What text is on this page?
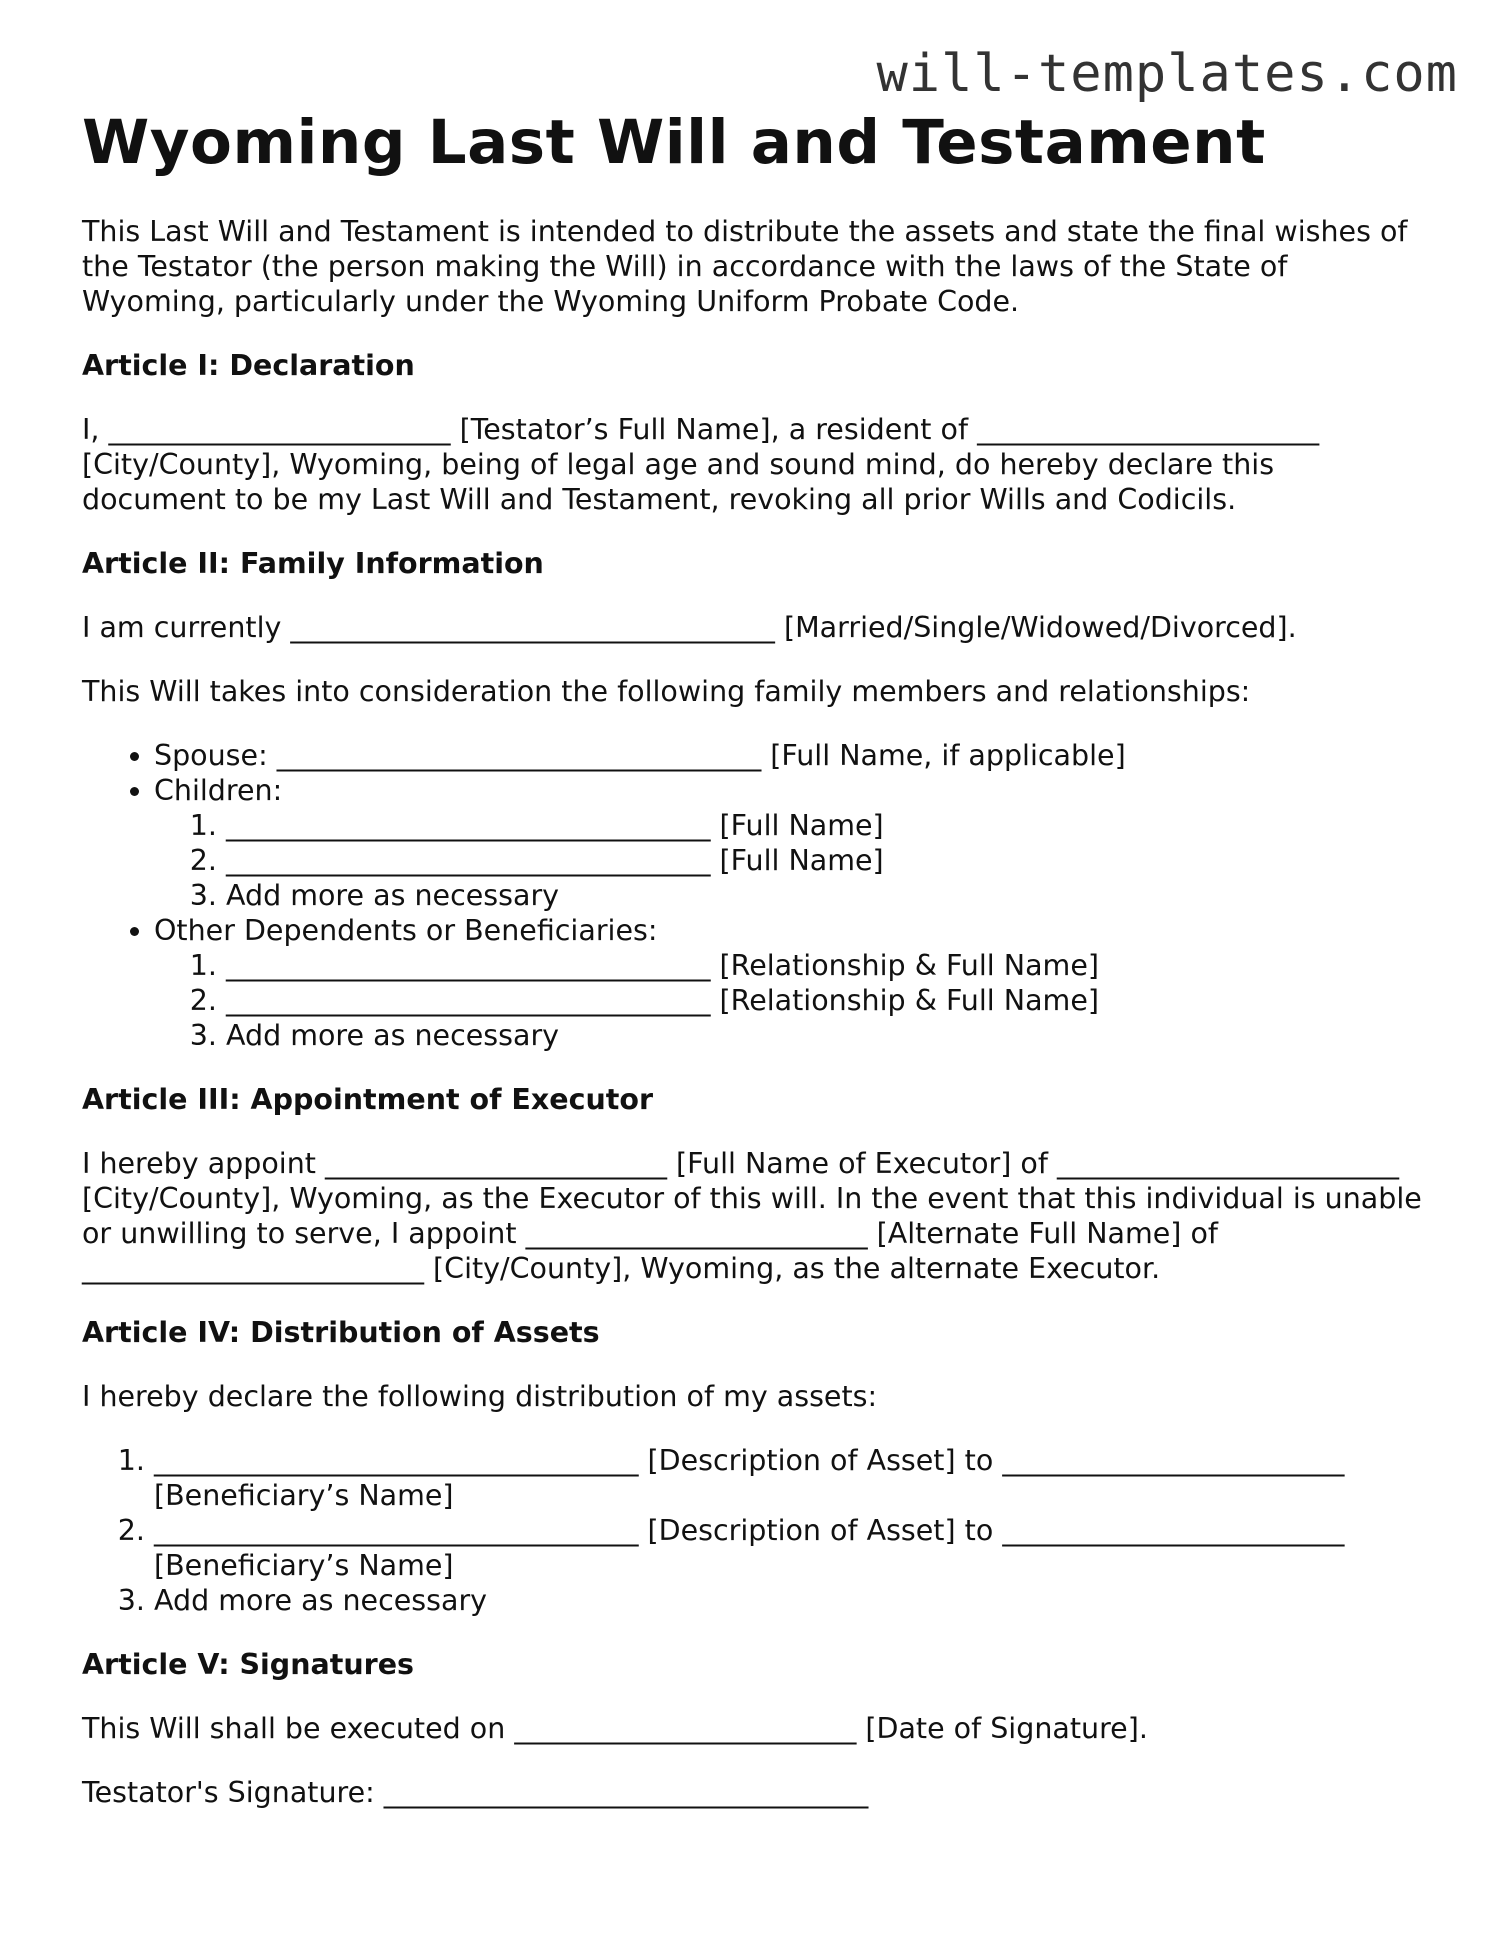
will-templates.com
Wyoming Last Will and Testament

This Last Will and Testament is intended to distribute the assets and state the final wishes of the Testator (the person making the Will) in accordance with the laws of the State of Wyoming, particularly under the Wyoming Uniform Probate Code.

Article I: Declaration

I, ________________________ [Testator’s Full Name], a resident of ________________________ [City/County], Wyoming, being of legal age and sound mind, do hereby declare this document to be my Last Will and Testament, revoking all prior Wills and Codicils.

Article II: Family Information

I am currently __________________________________ [Married/Single/Widowed/Divorced].

This Will takes into consideration the following family members and relationships:

• Spouse: __________________________________ [Full Name, if applicable]
• Children:
1. __________________________________ [Full Name]
2. __________________________________ [Full Name]
3. Add more as necessary
• Other Dependents or Beneficiaries:
1. __________________________________ [Relationship & Full Name]
2. __________________________________ [Relationship & Full Name]
3. Add more as necessary
Article III: Appointment of Executor

I hereby appoint ________________________ [Full Name of Executor] of ________________________ [City/County], Wyoming, as the Executor of this will. In the event that this individual is unable or unwilling to serve, I appoint ________________________ [Alternate Full Name] of ________________________ [City/County], Wyoming, as the alternate Executor.

Article IV: Distribution of Assets

I hereby declare the following distribution of my assets:

1. __________________________________ [Description of Asset] to ________________________ [Beneficiary’s Name]
2. __________________________________ [Description of Asset] to ________________________ [Beneficiary’s Name]
3. Add more as necessary
Article V: Signatures

This Will shall be executed on ________________________ [Date of Signature].

Testator's Signature: __________________________________
